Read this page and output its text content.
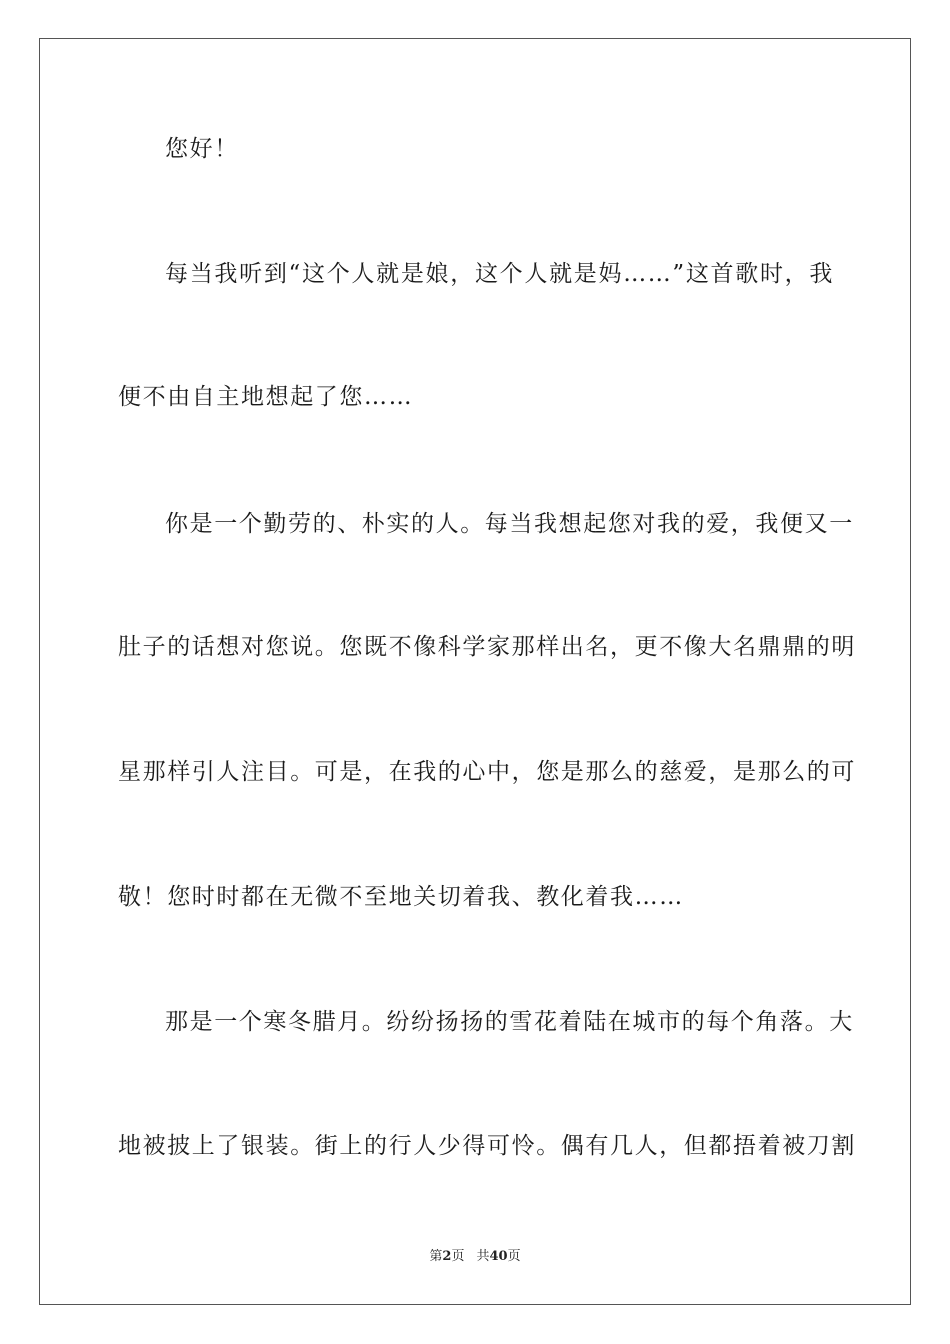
您好！
每当我听到“这个人就是娘，这个人就是妈……”这首歌时，我
便不由自主地想起了您……
你是一个勤劳的、朴实的人。每当我想起您对我的爱，我便又一
肚子的话想对您说。您既不像科学家那样出名，更不像大名鼎鼎的明
星那样引人注目。可是，在我的心中，您是那么的慈爱，是那么的可
敬！您时时都在无微不至地关切着我、教化着我……
那是一个寒冬腊月。纷纷扬扬的雪花着陆在城市的每个角落。大
地被披上了银装。街上的行人少得可怜。偶有几人，但都捂着被刀割
第2页 共40页
